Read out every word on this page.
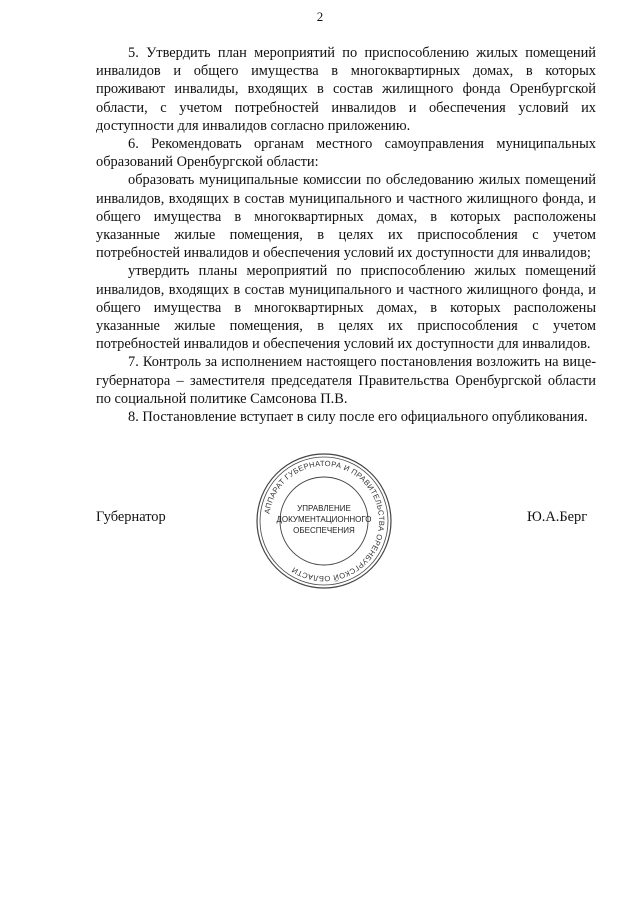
2

5. Утвердить план мероприятий по приспособлению жилых помещений инвалидов и общего имущества в многоквартирных домах, в которых проживают инвалиды, входящих в состав жилищного фонда Оренбургской области, с учетом потребностей инвалидов и обеспечения условий их доступности для инвалидов согласно приложению.

6. Рекомендовать органам местного самоуправления муниципальных образований Оренбургской области:

образовать муниципальные комиссии по обследованию жилых помещений инвалидов, входящих в состав муниципального и частного жилищного фонда, и общего имущества в многоквартирных домах, в которых расположены указанные жилые помещения, в целях их приспособления с учетом потребностей инвалидов и обеспечения условий их доступности для инвалидов;

утвердить планы мероприятий по приспособлению жилых помещений инвалидов, входящих в состав муниципального и частного жилищного фонда, и общего имущества в многоквартирных домах, в которых расположены указанные жилые помещения, в целях их приспособления с учетом потребностей инвалидов и обеспечения условий их доступности для инвалидов.

7. Контроль за исполнением настоящего постановления возложить на вице-губернатора – заместителя председателя Правительства Оренбургской области по социальной политике Самсонова П.В.

8. Постановление вступает в силу после его официального опубликования.

Губернатор	Ю.А.Берг
АППАРАТ ГУБЕРНАТОРА И ПРАВИТЕЛЬСТВА ОРЕНБУРГСКОЙ ОБЛАСТИ
УПРАВЛЕНИЕ
ДОКУМЕНТАЦИОННОГО
ОБЕСПЕЧЕНИЯ
